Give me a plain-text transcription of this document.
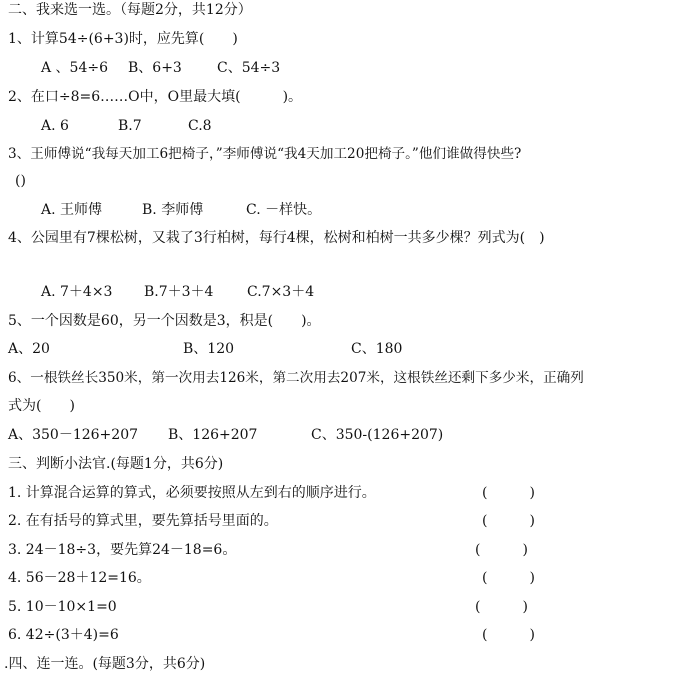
二、我来选一选。（每题2分，共12分）
1、计算54÷(6+3)时，应先算(　　)
A 、54÷6 B、6+3	C、54÷3
2、在口÷8=6……O中，O里最大填(　　　)。
A. 6	B.7	C.8
3、王师傅说“我每天加工6把椅子，”李师傅说“我4天加工20把椅子。”他们谁做得快些?
()
A. 王师傅	B. 李师傅	C. －样快。
4、公园里有7棵松树，又栽了3行柏树，每行4棵，松树和柏树一共多少棵？列式为(　)
A. 7＋4×3 B.7＋3＋4 C.7×3＋4
5、一个因数是60，另一个因数是3，积是(　　)。
A、20	B、120	C、180
6、一根铁丝长350米，第一次用去126米，第二次用去207米，这根铁丝还剩下多少米，正确列
式为(　　)
A、350－126+207 B、126+207	C、350-(126+207)
三、判断小法官.(每题1分，共6分)
1. 计算混合运算的算式，必须要按照从左到右的顺序进行。	(　　　)
2. 在有括号的算式里，要先算括号里面的。	(　　　)
3. 24－18÷3，要先算24－18=6。	(　　　)
4. 56－28＋12=16。	(　　　)
5. 10－10×1=0	(　　　)
6. 42÷(3＋4)=6	(　　　)
.四、连一连。(每题3分，共6分)
